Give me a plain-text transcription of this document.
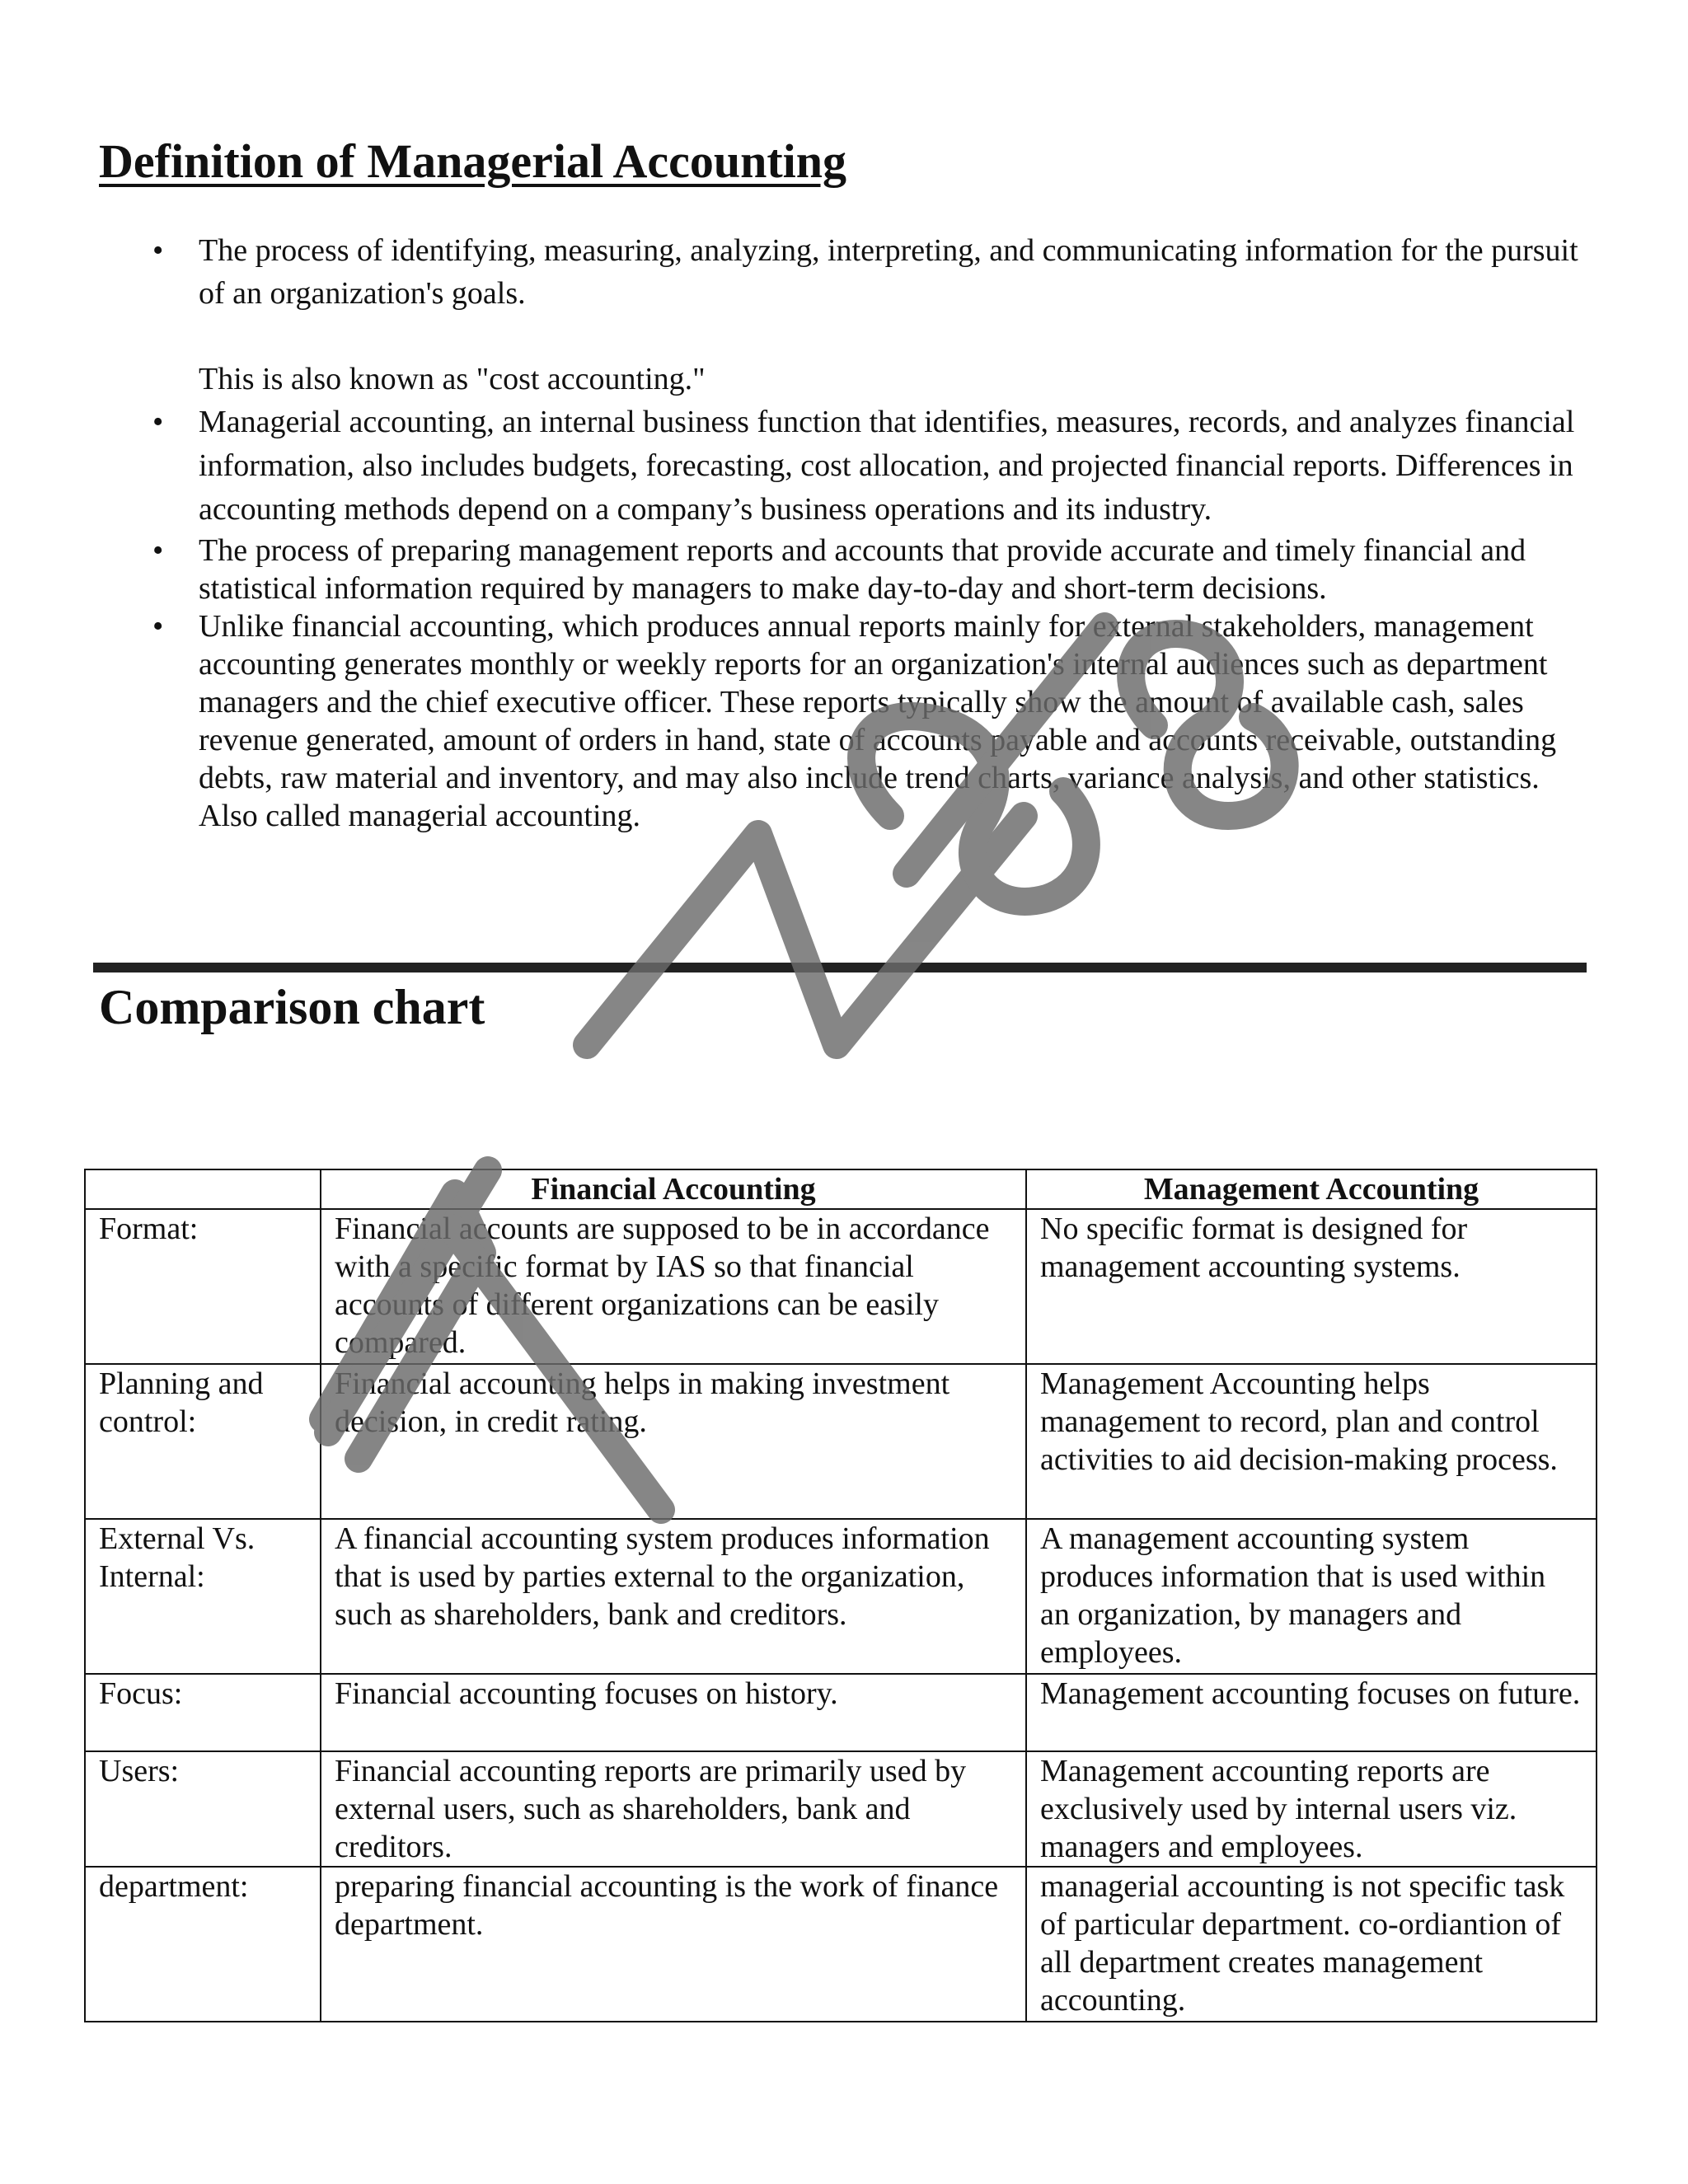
Definition of Managerial Accounting
• The process of identifying, measuring, analyzing, interpreting, and communicating information for the pursuit of an organization's goals.
This is also known as "cost accounting."
• Managerial accounting, an internal business function that identifies, measures, records, and analyzes financial information, also includes budgets, forecasting, cost allocation, and projected financial reports. Differences in accounting methods depend on a company’s business operations and its industry.
• The process of preparing management reports and accounts that provide accurate and timely financial and statistical information required by managers to make day-to-day and short-term decisions.
• Unlike financial accounting, which produces annual reports mainly for external stakeholders, management accounting generates monthly or weekly reports for an organization's internal audiences such as department managers and the chief executive officer. These reports typically show the amount of available cash, sales revenue generated, amount of orders in hand, state of accounts payable and accounts receivable, outstanding debts, raw material and inventory, and may also include trend charts, variance analysis, and other statistics. Also called managerial accounting.
Comparison chart
	Financial Accounting	Management Accounting
Format:	Financial accounts are supposed to be in accordance with a specific format by IAS so that financial accounts of different organizations can be easily compared.	No specific format is designed for management accounting systems.
Planning and control:	Financial accounting helps in making investment decision, in credit rating.	Management Accounting helps management to record, plan and control activities to aid decision-making process.
External Vs. Internal:	A financial accounting system produces information that is used by parties external to the organization, such as shareholders, bank and creditors.	A management accounting system produces information that is used within an organization, by managers and employees.
Focus:	Financial accounting focuses on history.	Management accounting focuses on future.
Users:	Financial accounting reports are primarily used by external users, such as shareholders, bank and creditors.	Management accounting reports are exclusively used by internal users viz. managers and employees.
department:	preparing financial accounting is the work of finance department.	managerial accounting is not specific task of particular department. co-ordiantion of all department creates management accounting.
